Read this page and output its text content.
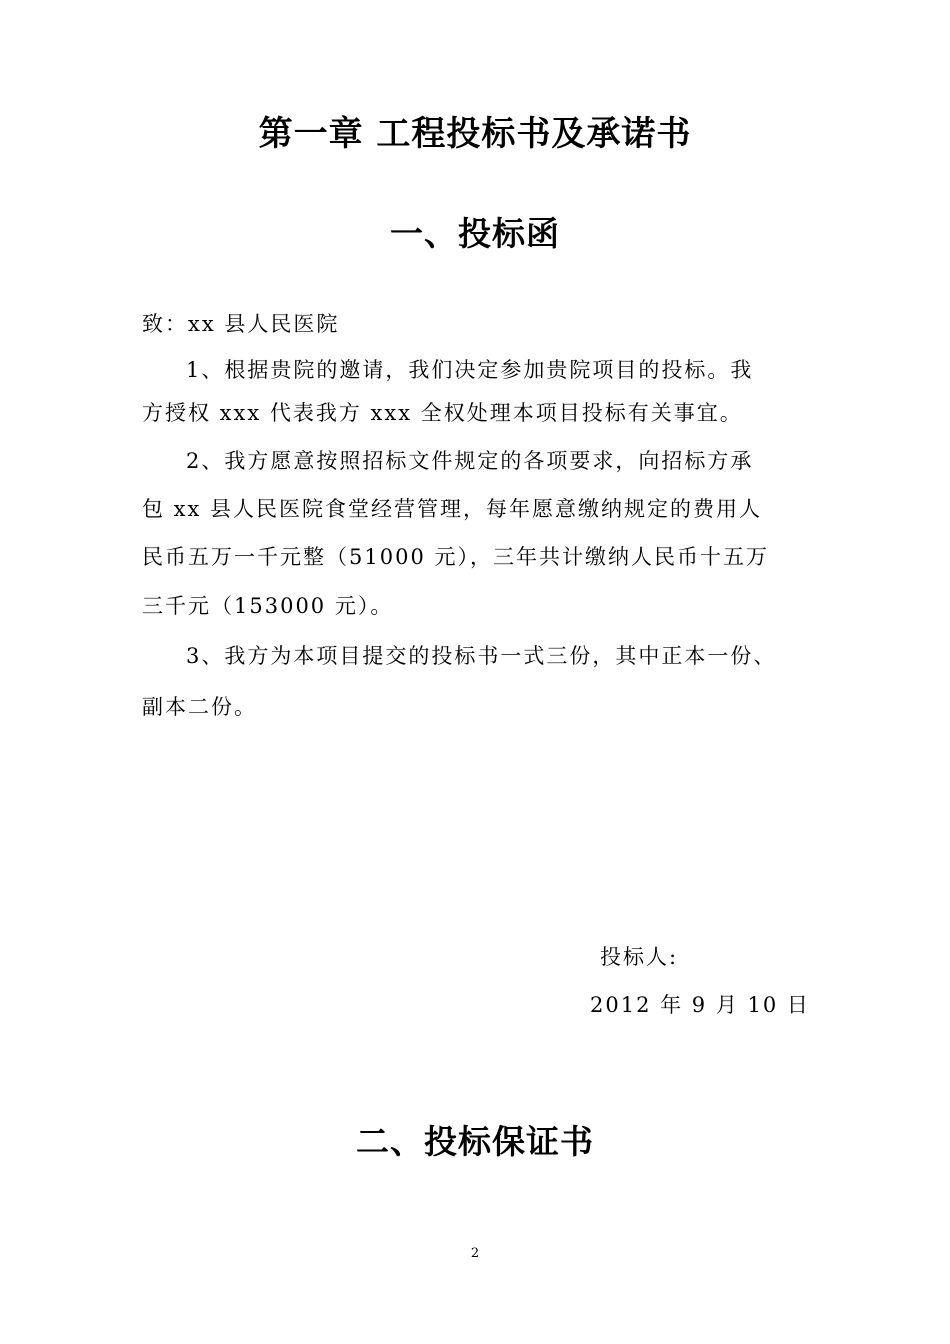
第一章 工程投标书及承诺书
一、投标函
致：xx 县人民医院
1、根据贵院的邀请，我们决定参加贵院项目的投标。我
方授权 xxx 代表我方 xxx 全权处理本项目投标有关事宜。
2、我方愿意按照招标文件规定的各项要求，向招标方承
包 xx 县人民医院食堂经营管理，每年愿意缴纳规定的费用人
民币五万一千元整（51000 元），三年共计缴纳人民币十五万
三千元（153000 元）。
3、我方为本项目提交的投标书一式三份，其中正本一份、
副本二份。
投标人:
2012 年 9 月 10 日
二、投标保证书
2
